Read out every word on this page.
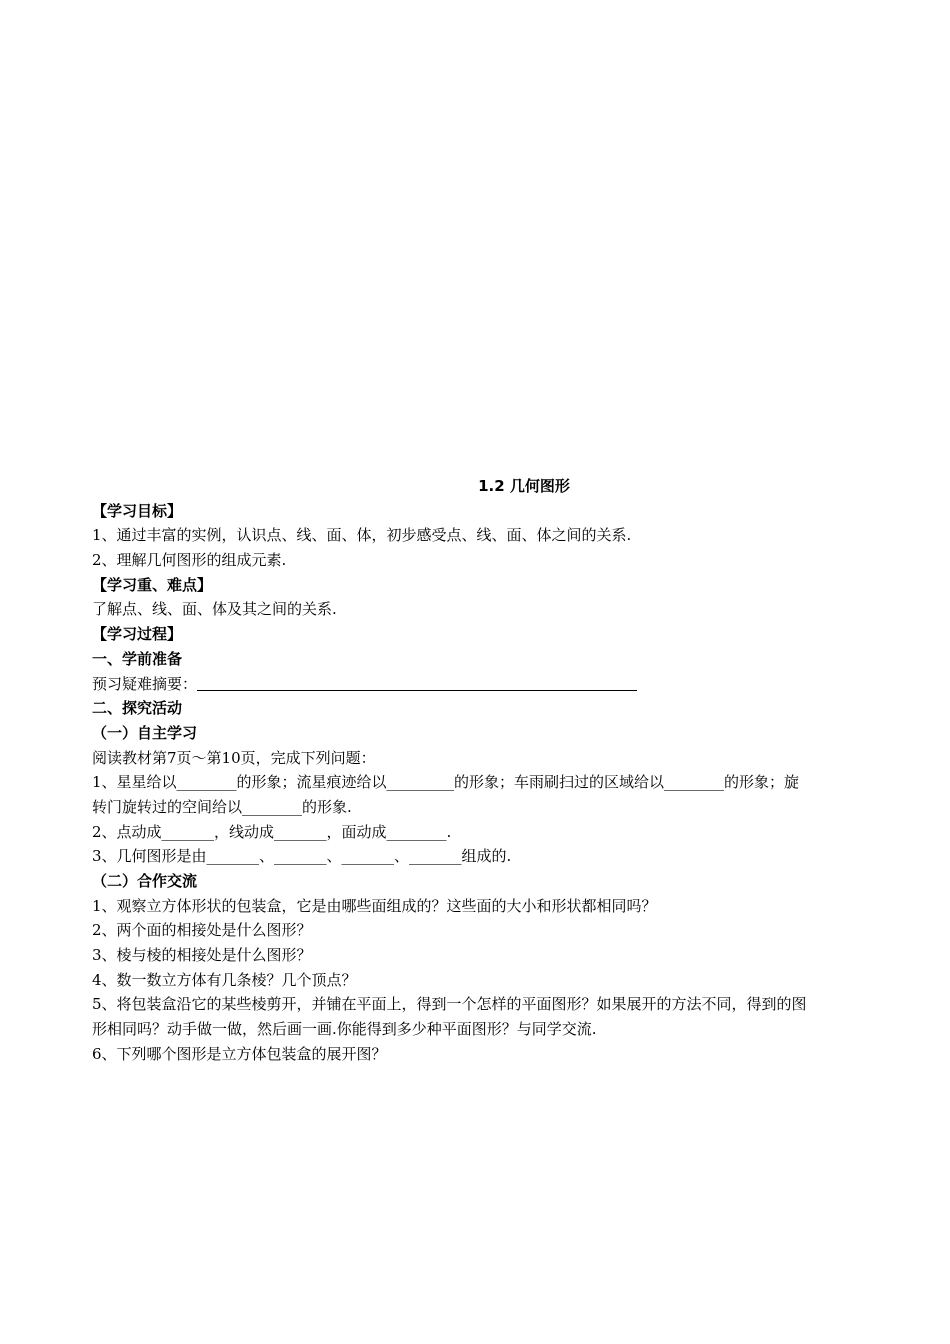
1.2 几何图形

【学习目标】

1、通过丰富的实例，认识点、线、面、体，初步感受点、线、面、体之间的关系.

2、理解几何图形的组成元素.

【学习重、难点】

了解点、线、面、体及其之间的关系.

【学习过程】

一、学前准备

预习疑难摘要：

二、探究活动

（一）自主学习

阅读教材第7页～第10页，完成下列问题：

1、星星给以________的形象；流星痕迹给以_________的形象；车雨刷扫过的区域给以________的形象；旋

转门旋转过的空间给以________的形象.

2、点动成_______，线动成_______，面动成________.

3、几何图形是由_______、_______、_______、_______组成的.

（二）合作交流

1、观察立方体形状的包装盒，它是由哪些面组成的？这些面的大小和形状都相同吗？

2、两个面的相接处是什么图形？

3、棱与棱的相接处是什么图形？

4、数一数立方体有几条棱？几个顶点？

5、将包装盒沿它的某些棱剪开，并铺在平面上，得到一个怎样的平面图形？如果展开的方法不同，得到的图

形相同吗？动手做一做，然后画一画.你能得到多少种平面图形？与同学交流.

6、下列哪个图形是立方体包装盒的展开图？
